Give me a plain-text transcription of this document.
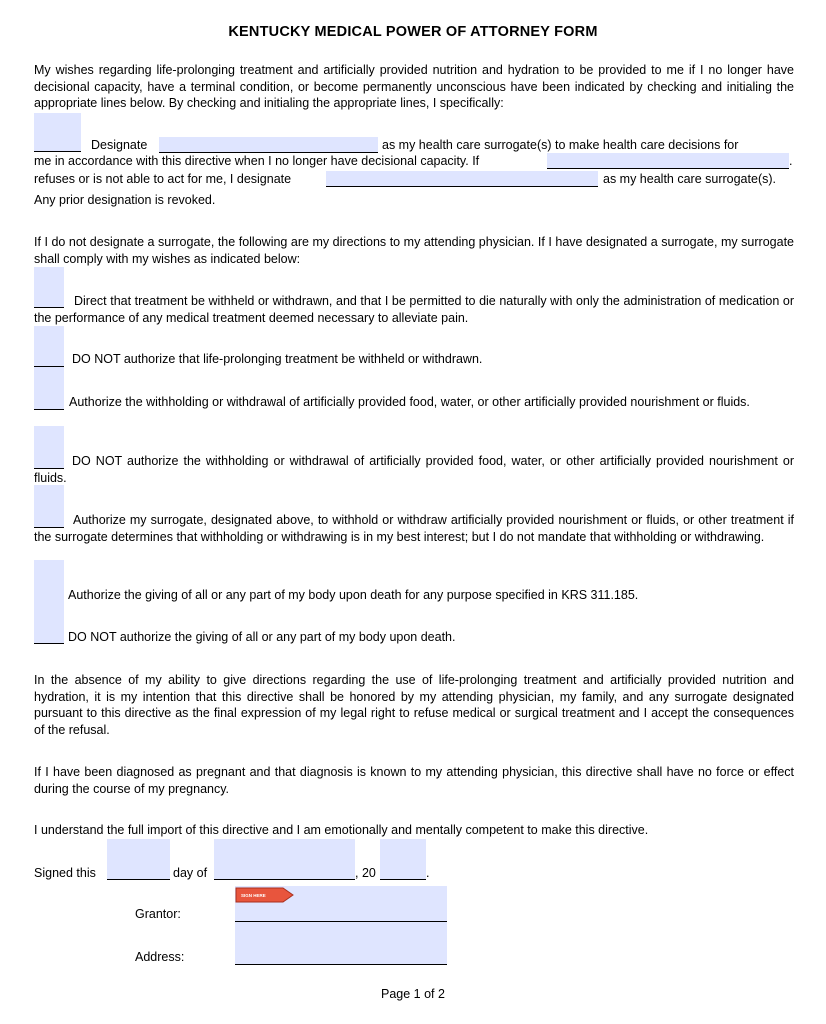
KENTUCKY MEDICAL POWER OF ATTORNEY FORM
My wishes regarding life-prolonging treatment and artificially provided nutrition and hydration to be provided to me if I no longer have decisional capacity, have a terminal condition, or become permanently unconscious have been indicated by checking and initialing the appropriate lines below. By checking and initialing the appropriate lines, I specifically:
Designate	as my health care surrogate(s) to make health care decisions for
me in accordance with this directive when I no longer have decisional capacity. If	.
refuses or is not able to act for me, I designate	as my health care surrogate(s).
Any prior designation is revoked.
If I do not designate a surrogate, the following are my directions to my attending physician. If I have designated a surrogate, my surrogate shall comply with my wishes as indicated below:
Direct that treatment be withheld or withdrawn, and that I be permitted to die naturally with only the administration of medication or the performance of any medical treatment deemed necessary to alleviate pain.
DO NOT authorize that life-prolonging treatment be withheld or withdrawn.
Authorize the withholding or withdrawal of artificially provided food, water, or other artificially provided nourishment or fluids.
DO NOT authorize the withholding or withdrawal of artificially provided food, water, or other artificially provided nourishment or fluids.
Authorize my surrogate, designated above, to withhold or withdraw artificially provided nourishment or fluids, or other treatment if the surrogate determines that withholding or withdrawing is in my best interest; but I do not mandate that withholding or withdrawing.
Authorize the giving of all or any part of my body upon death for any purpose specified in KRS 311.185.
DO NOT authorize the giving of all or any part of my body upon death.
In the absence of my ability to give directions regarding the use of life-prolonging treatment and artificially provided nutrition and hydration, it is my intention that this directive shall be honored by my attending physician, my family, and any surrogate designated pursuant to this directive as the final expression of my legal right to refuse medical or surgical treatment and I accept the consequences of the refusal.
If I have been diagnosed as pregnant and that diagnosis is known to my attending physician, this directive shall have no force or effect during the course of my pregnancy.
I understand the full import of this directive and I am emotionally and mentally competent to make this directive.
Signed this	day of	, 20	.
Grantor:
SIGN HERE
Address:
Page 1 of 2
